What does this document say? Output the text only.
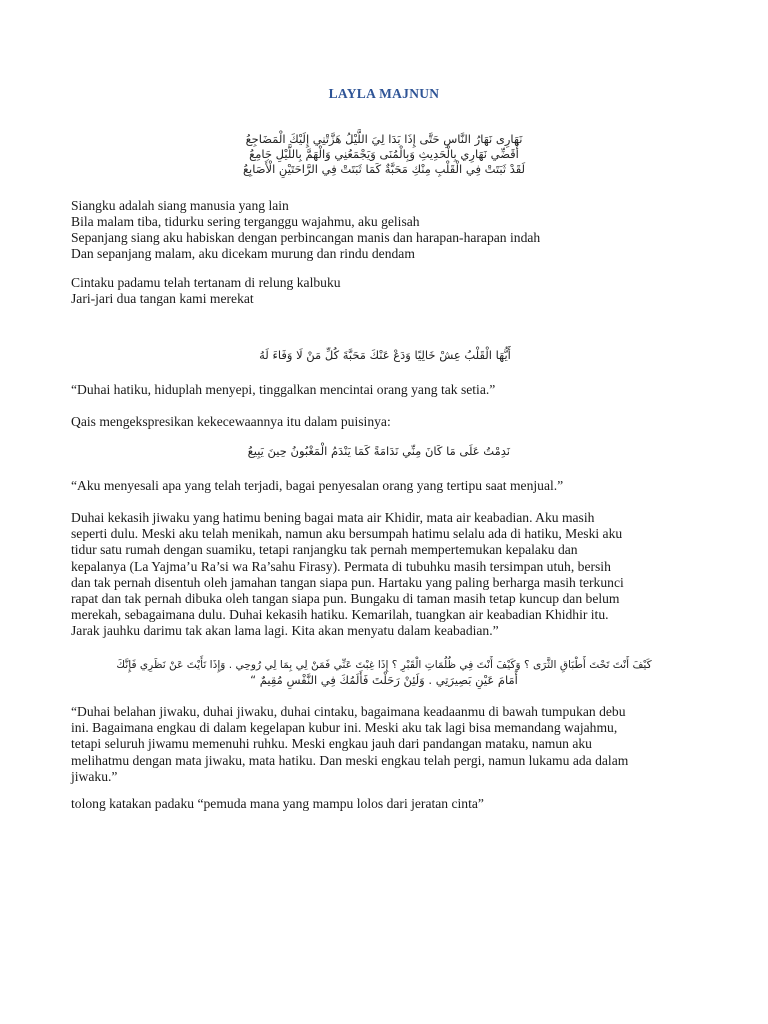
LAYLA MAJNUN
نَهَارِى نَهَارُ النَّاسِ حَتَّى إِذَا بَدَا لِيَ اللَّيْلُ هَزَّتْنِي إِلَيْكَ الْمَضَاجِعُ
أُقَضِّي نَهَارِي بِالْحَدِيثِ وَبِالْمُنَى وَيَجْمَعُنِي وَالْهَمَّ بِاللَّيْلِ جَامِعُ
لَقَدْ ثَبَتَتْ فِي الْقَلْبِ مِنْكِ مَحَبَّةٌ كَمَا ثَبَتَتْ فِي الرَّاحَتَيْنِ الْأَصَابِعُ

Siangku adalah siang manusia yang lain

Bila malam tiba, tidurku sering terganggu wajahmu, aku gelisah

Sepanjang siang aku habiskan dengan perbincangan manis dan harapan-harapan indah

Dan sepanjang malam, aku dicekam murung dan rindu dendam

Cintaku padamu telah tertanam di relung kalbuku

Jari-jari dua tangan kami merekat

أَيُّهَا الْقَلْبُ عِشْ خَالِيًا وَدَعْ عَنْكَ مَحَبَّةَ كُلِّ مَنْ لَا وَفَاءَ لَهُ

“Duhai hatiku, hiduplah menyepi, tinggalkan mencintai orang yang tak setia.”

Qais mengekspresikan kekecewaannya itu dalam puisinya:

نَدِمْتُ عَلَى مَا كَانَ مِنِّي نَدَامَةً كَمَا يَنْدَمُ الْمَغْبُونُ حِينَ يَبِيعُ

“Aku menyesali apa yang telah terjadi, bagai penyesalan orang yang tertipu saat menjual.”

Duhai kekasih jiwaku yang hatimu bening bagai mata air Khidir, mata air keabadian. Aku masih
seperti dulu. Meski aku telah menikah, namun aku bersumpah hatimu selalu ada di hatiku, Meski aku
tidur satu rumah dengan suamiku, tetapi ranjangku tak pernah mempertemukan kepalaku dan
kepalanya (La Yajma’u Ra’si wa Ra’sahu Firasy). Permata di tubuhku masih tersimpan utuh, bersih
dan tak pernah disentuh oleh jamahan tangan siapa pun. Hartaku yang paling berharga masih terkunci
rapat dan tak pernah dibuka oleh tangan siapa pun. Bungaku di taman masih tetap kuncup dan belum
merekah, sebagaimana dulu. Duhai kekasih hatiku. Kemarilah, tuangkan air keabadian Khidhir itu.
Jarak jauhku darimu tak akan lama lagi. Kita akan menyatu dalam keabadian.”
كَيْفَ أَنْتَ تَحْتَ أَطْبَاقِ الثَّرَى ؟ وَكَيْفَ أَنْتَ فِي ظُلُمَاتِ الْقَبْرِ ؟ إِذَا غِبْتَ عَنِّي فَمَنْ لِي بِمَا لِي رُوحِي . وَإِذَا نَأَيْتَ عَنْ نَظَرِي فَإِنَّكَ
أَمَامَ عَيْنِ بَصِيرَتِي . وَلَئِنْ رَحَلْتَ فَأَلَمُكَ فِي النَّفْسِ مُقِيمٌ “
“Duhai belahan jiwaku, duhai jiwaku, duhai cintaku, bagaimana keadaanmu di bawah tumpukan debu
ini. Bagaimana engkau di dalam kegelapan kubur ini. Meski aku tak lagi bisa memandang wajahmu,
tetapi seluruh jiwamu memenuhi ruhku. Meski engkau jauh dari pandangan mataku, namun aku
melihatmu dengan mata jiwaku, mata hatiku. Dan meski engkau telah pergi, namun lukamu ada dalam
jiwaku.”

tolong katakan padaku “pemuda mana yang mampu lolos dari jeratan cinta”
